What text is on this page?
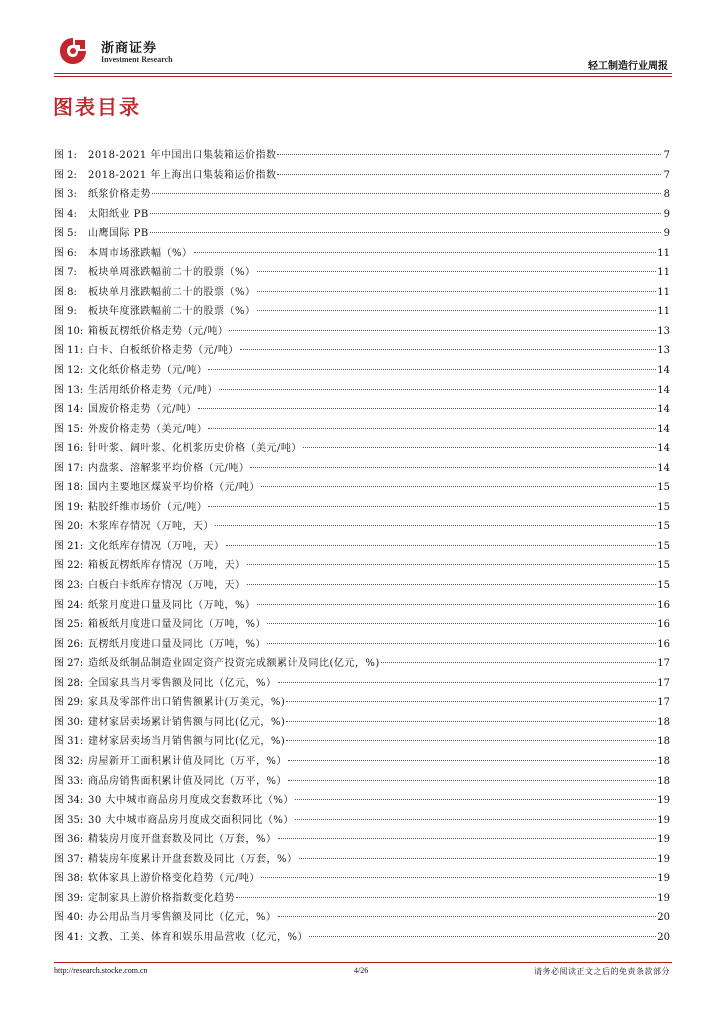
浙商证券
Investment Research
轻工制造行业周报
图表目录
图 1:	2018-2021 年中国出口集装箱运价指数	7
图 2:	2018-2021 年上海出口集装箱运价指数	7
图 3:	纸浆价格走势	8
图 4:	太阳纸业 PB	9
图 5:	山鹰国际 PB	9
图 6:	本周市场涨跌幅（%）	11
图 7:	板块单周涨跌幅前二十的股票（%）	11
图 8:	板块单月涨跌幅前二十的股票（%）	11
图 9:	板块年度涨跌幅前二十的股票（%）	11
图 10: 箱板瓦楞纸价格走势（元/吨）	13
图 11: 白卡、白板纸价格走势（元/吨）	13
图 12: 文化纸价格走势（元/吨）	14
图 13: 生活用纸价格走势（元/吨）	14
图 14: 国废价格走势（元/吨）	14
图 15: 外废价格走势（美元/吨）	14
图 16: 针叶浆、阔叶浆、化机浆历史价格（美元/吨）	14
图 17: 内盘浆、溶解浆平均价格（元/吨）	14
图 18: 国内主要地区煤炭平均价格（元/吨）	15
图 19: 粘胶纤维市场价（元/吨）	15
图 20: 木浆库存情况（万吨，天）	15
图 21: 文化纸库存情况（万吨，天）	15
图 22: 箱板瓦楞纸库存情况（万吨，天）	15
图 23: 白板白卡纸库存情况（万吨，天）	15
图 24: 纸浆月度进口量及同比（万吨，%）	16
图 25: 箱板纸月度进口量及同比（万吨，%）	16
图 26: 瓦楞纸月度进口量及同比（万吨，%）	16
图 27: 造纸及纸制品制造业固定资产投资完成额累计及同比(亿元，%)	17
图 28: 全国家具当月零售额及同比（亿元，%）	17
图 29: 家具及零部件出口销售额累计(万美元，%)	17
图 30: 建材家居卖场累计销售额与同比(亿元，%)	18
图 31: 建材家居卖场当月销售额与同比(亿元，%)	18
图 32: 房屋新开工面积累计值及同比（万平，%）	18
图 33: 商品房销售面积累计值及同比（万平，%）	18
图 34: 30 大中城市商品房月度成交套数环比（%）	19
图 35: 30 大中城市商品房月度成交面积同比（%）	19
图 36: 精装房月度开盘套数及同比（万套，%）	19
图 37: 精装房年度累计开盘套数及同比（万套，%）	19
图 38: 软体家具上游价格变化趋势（元/吨）	19
图 39: 定制家具上游价格指数变化趋势	19
图 40: 办公用品当月零售额及同比（亿元，%）	20
图 41: 文教、工美、体育和娱乐用品营收（亿元，%）	20
http://research.stocke.com.cn	4/26	请务必阅读正文之后的免责条款部分
